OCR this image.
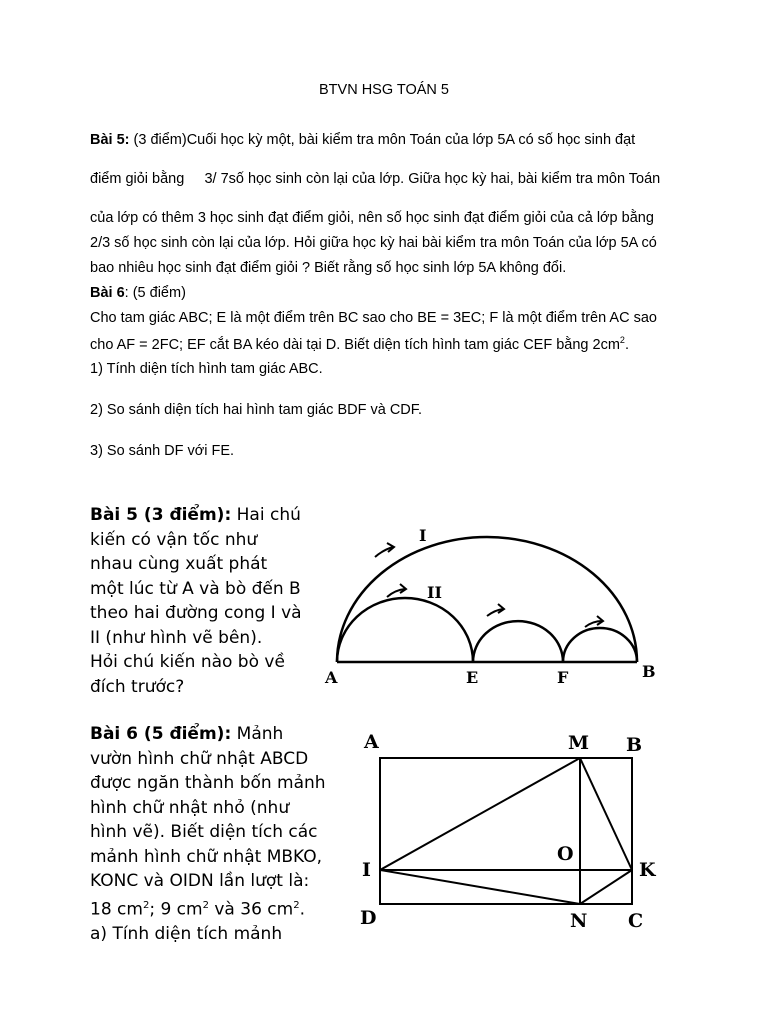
BTVN HSG TOÁN 5
Bài 5: (3 điểm)Cuối học kỳ một, bài kiểm tra môn Toán của lớp 5A có số học sinh đạt
điểm giỏi bằng     3/ 7số học sinh còn lại của lớp. Giữa học kỳ hai, bài kiểm tra môn Toán
của lớp có thêm 3 học sinh đạt điểm giỏi, nên số học sinh đạt điểm giỏi của cả lớp bằng
2/3 số học sinh còn lại của lớp. Hỏi giữa học kỳ hai bài kiểm tra môn Toán của lớp 5A có
bao nhiêu học sinh đạt điểm giỏi ? Biết rằng số học sinh lớp 5A không đổi.
Bài 6: (5 điểm)
Cho tam giác ABC; E là một điểm trên BC sao cho BE = 3EC; F là một điểm trên AC sao
cho AF = 2FC; EF cắt BA kéo dài tại D. Biết diện tích hình tam giác CEF bằng $2cm^2$.
1) Tính diện tích hình tam giác ABC.
2) So sánh diện tích hai hình tam giác BDF và CDF.
3) So sánh DF với FE.
Bài 5 (3 điểm): Hai chú
kiến có vận tốc như
nhau cùng xuất phát
một lúc từ A và bò đến B
theo hai đường cong I và
II (như hình vẽ bên).
Hỏi chú kiến nào bò về
đích trước?	A	E	F	B
I
II
Bài 6 (5 điểm): Mảnh
vườn hình chữ nhật ABCD
được ngăn thành bốn mảnh
hình chữ nhật nhỏ (như
hình vẽ). Biết diện tích các
mảnh hình chữ nhật MBKO,
KONC và OIDN lần lượt là:
18 $cm^2$; 9 $cm^2$ và 36 $cm^2$.
a) Tính diện tích mảnh
A	M B
O
I	K
D	N C
